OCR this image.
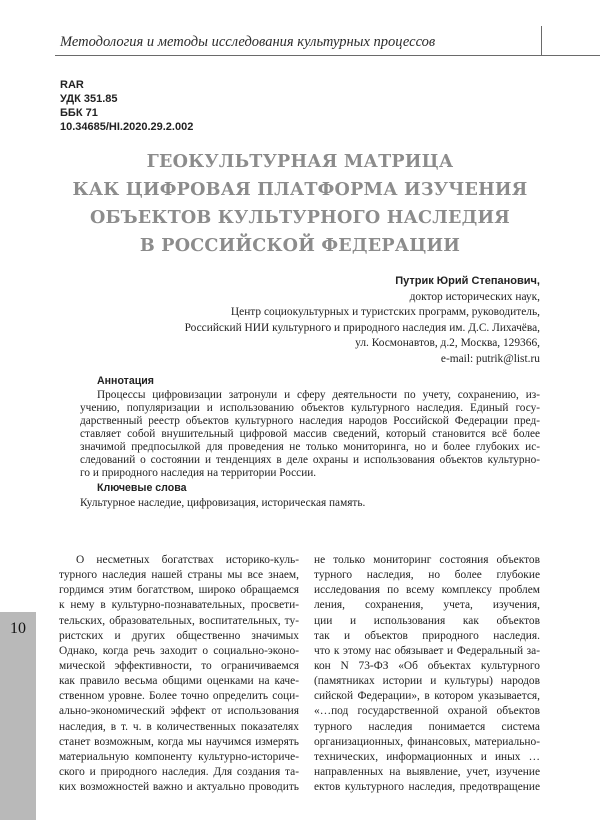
Методология и методы исследования культурных процессов
RAR
УДК 351.85
ББК 71
10.34685/HI.2020.29.2.002
ГЕОКУЛЬТУРНАЯ МАТРИЦА
КАК ЦИФРОВАЯ ПЛАТФОРМА ИЗУЧЕНИЯ
ОБЪЕКТОВ КУЛЬТУРНОГО НАСЛЕДИЯ
В РОССИЙСКОЙ ФЕДЕРАЦИИ
Путрик Юрий Степанович,
доктор исторических наук,
Центр социокультурных и туристских программ, руководитель,
Российский НИИ культурного и природного наследия им. Д.С. Лихачёва,
ул. Космонавтов, д.2, Москва, 129366,
e-mail: putrik@list.ru
Аннотация
Процессы цифровизации затронули и сферу деятельности по учету, сохранению, из-
учению, популяризации и использованию объектов культурного наследия. Единый госу-
дарственный реестр объектов культурного наследия народов Российской Федерации пред-
ставляет собой внушительный цифровой массив сведений, который становится всё более
значимой предпосылкой для проведения не только мониторинга, но и более глубоких ис-
следований о состоянии и тенденциях в деле охраны и использования объектов культурно-
го и природного наследия на территории России.
Ключевые слова
Культурное наследие, цифровизация, историческая память.
О несметных богатствах историко-куль-
турного наследия нашей страны мы все знаем,
гордимся этим богатством, широко обращаемся
к нему в культурно-познавательных, просвети-
тельских, образовательных, воспитательных, ту-
ристских и других общественно значимых
Однако, когда речь заходит о социально-эконо-
мической эффективности, то ограничиваемся
как правило весьма общими оценками на каче-
ственном уровне. Более точно определить соци-
ально-экономический эффект от использования
наследия, в т. ч. в количественных показателях
станет возможным, когда мы научимся измерять
материальную компоненту культурно-историче-
ского и природного наследия. Для создания та-
ких возможностей важно и актуально проводить
не только мониторинг состояния объектов
турного наследия, но более глубокие
исследования по всему комплексу проблем
ления, сохранения, учета, изучения,
ции и использования как объектов
так и объектов природного наследия.
что к этому нас обязывает и Федеральный за-
кон N 73-ФЗ «Об объектах культурного
(памятниках истории и культуры) народов
сийской Федерации», в котором указывается,
«…под государственной охраной объектов
турного наследия понимается система
организационных, финансовых, материально-
технических, информационных и иных …
направленных на выявление, учет, изучение
ектов культурного наследия, предотвращение
10
